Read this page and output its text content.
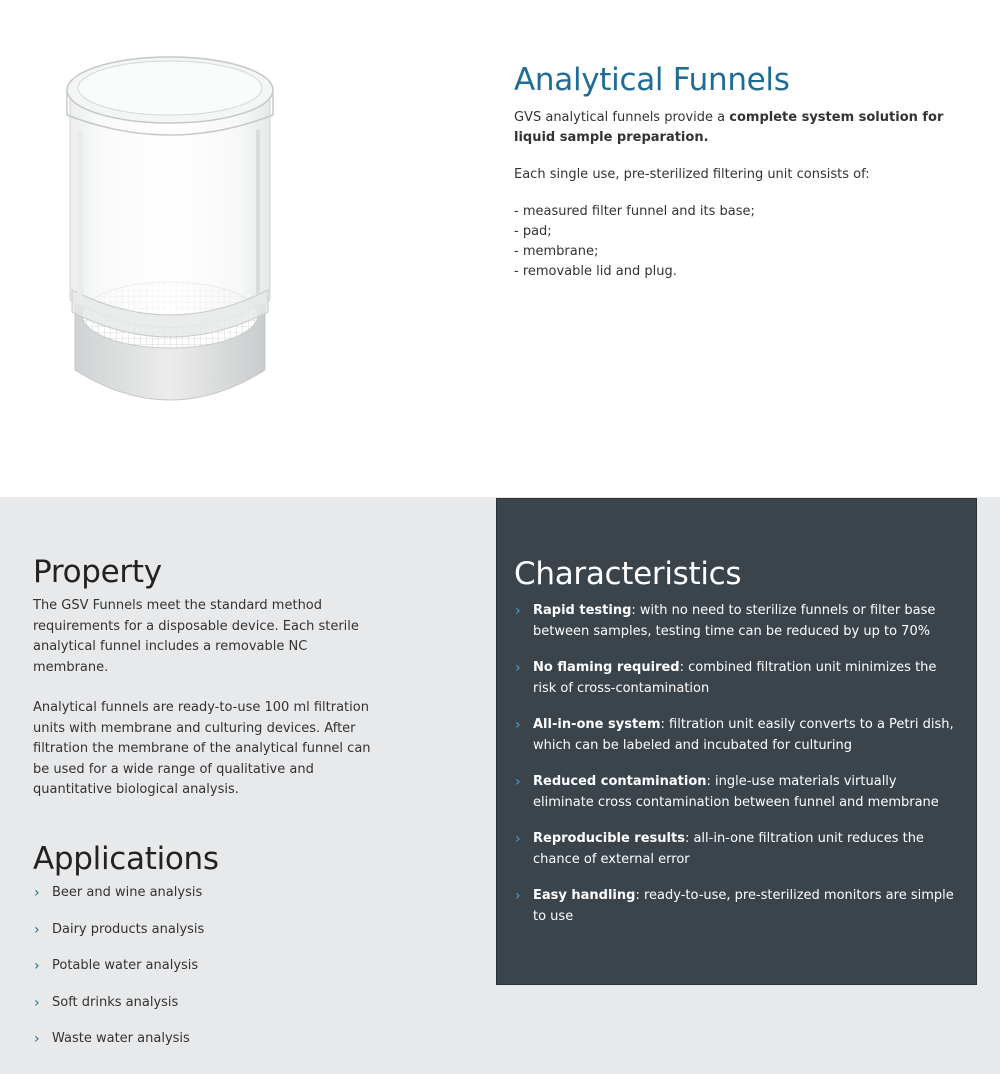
Analytical Funnels

GVS analytical funnels provide a complete system solution for liquid sample preparation.

Each single use, pre-sterilized filtering unit consists of:

- measured filter funnel and its base;
- pad;
- membrane;
- removable lid and plug.
Property

The GSV Funnels meet the standard method requirements for a disposable device. Each sterile analytical funnel includes a removable NC membrane.

Analytical funnels are ready-to-use 100 ml filtration units with membrane and culturing devices. After filtration the membrane of the analytical funnel can be used for a wide range of qualitative and quantitative biological analysis.

Applications
› Beer and wine analysis
› Dairy products analysis
› Potable water analysis
› Soft drinks analysis
› Waste water analysis
Characteristics
› Rapid testing: with no need to sterilize funnels or filter base between samples, testing time can be reduced by up to 70%
› No flaming required: combined filtration unit minimizes the risk of cross-contamination
› All-in-one system: filtration unit easily converts to a Petri dish, which can be labeled and incubated for culturing
› Reduced contamination: ingle-use materials virtually eliminate cross contamination between funnel and membrane
› Reproducible results: all-in-one filtration unit reduces the chance of external error
› Easy handling: ready-to-use, pre-sterilized monitors are simple to use
